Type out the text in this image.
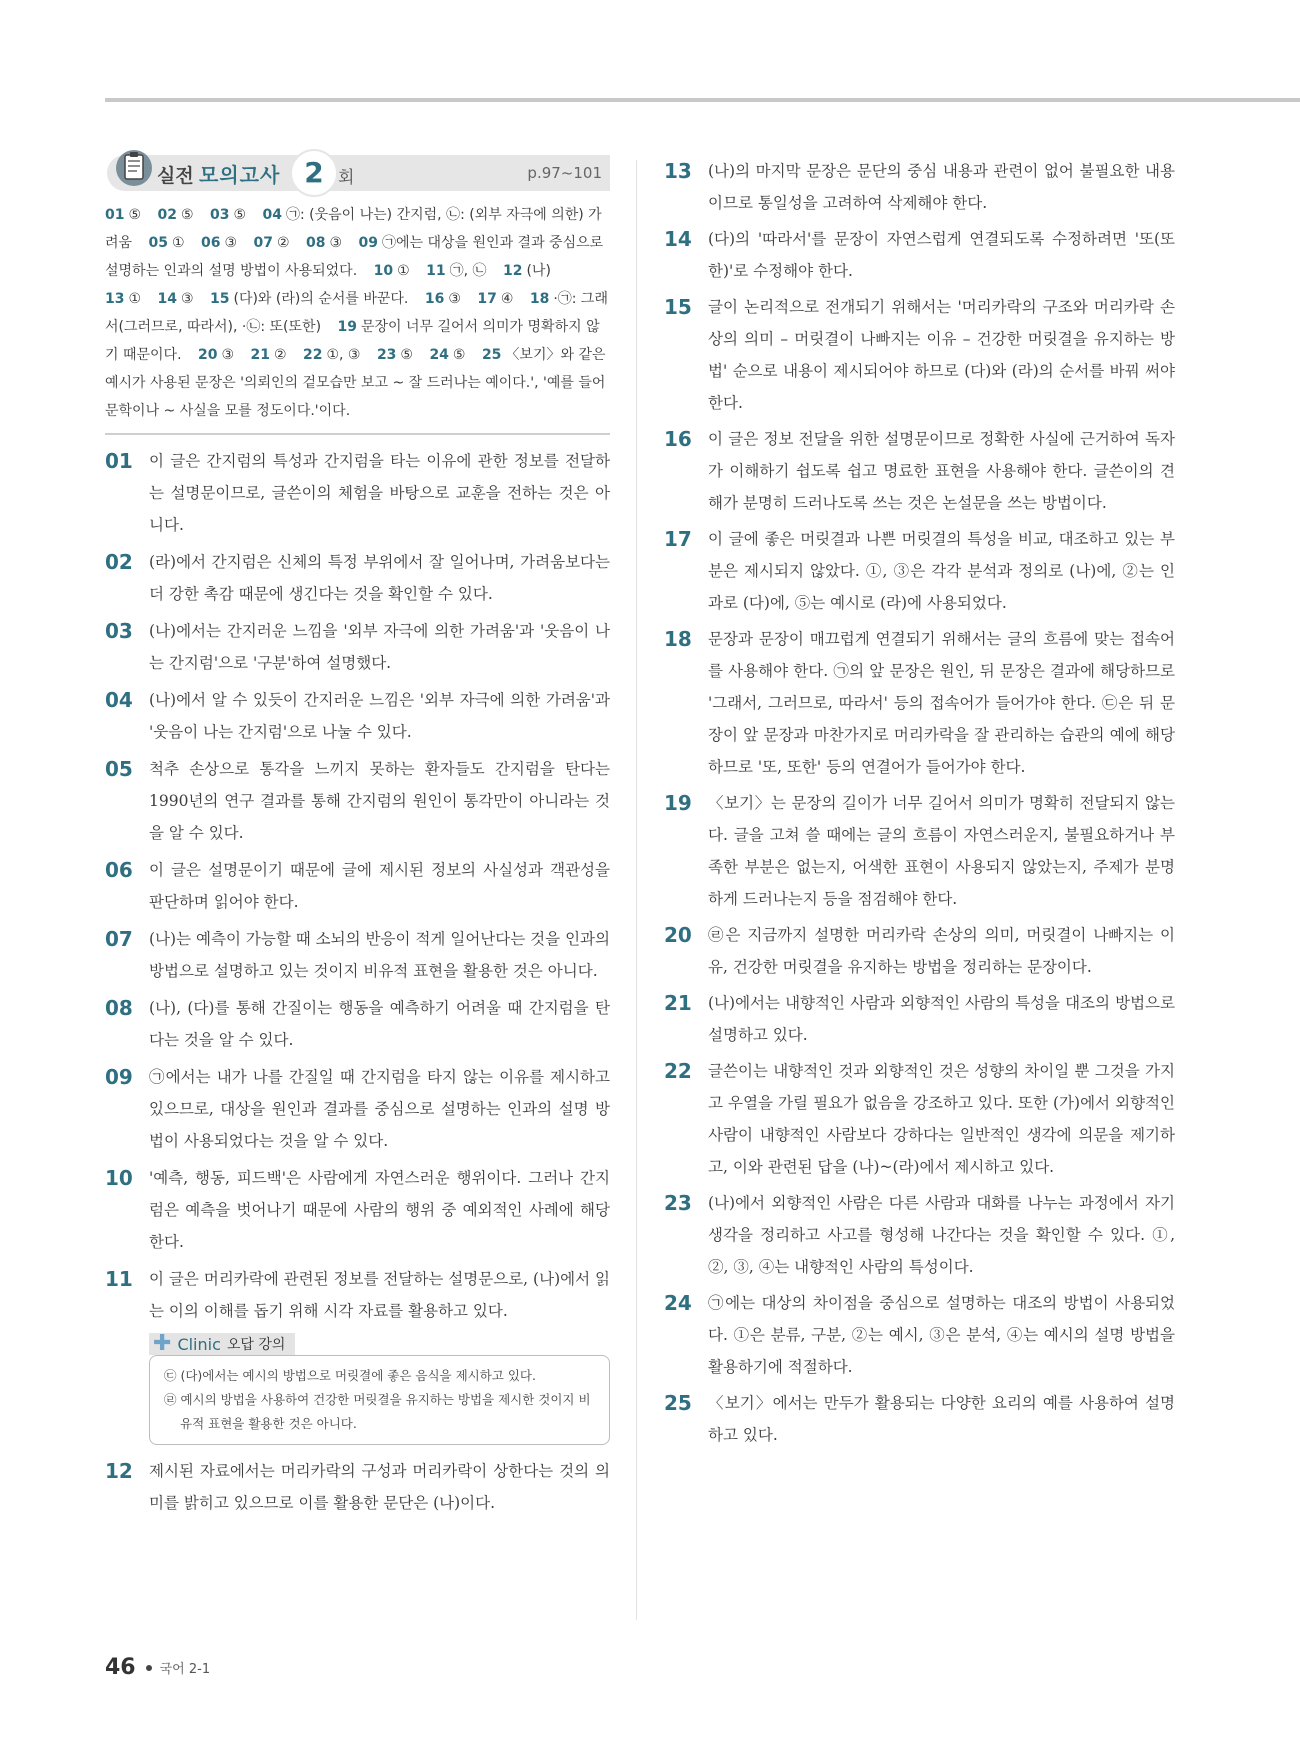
실전 모의고사 2 회	p.97~101
01 ⑤ 02 ⑤ 03 ⑤ 04 ㉠: (웃음이 나는) 간지럼, ㉡: (외부 자극에 의한) 가려움 05 ① 06 ③ 07 ② 08 ③ 09 ㉠에는 대상을 원인과 결과 중심으로 설명하는 인과의 설명 방법이 사용되었다. 10 ① 11 ㉠, ㉡ 12 (나) 13 ① 14 ③ 15 (다)와 (라)의 순서를 바꾼다. 16 ③ 17 ④ 18 ·㉠: 그래서(그러므로, 따라서), ·㉡: 또(또한) 19 문장이 너무 길어서 의미가 명확하지 않기 때문이다. 20 ③ 21 ② 22 ①, ③ 23 ⑤ 24 ⑤ 25 〈보기〉와 같은 예시가 사용된 문장은 '의뢰인의 겉모습만 보고 ~ 잘 드러나는 예이다.', '예를 들어 문학이나 ~ 사실을 모를 정도이다.'이다.
01	이 글은 간지럼의 특성과 간지럼을 타는 이유에 관한 정보를 전달하는 설명문이므로, 글쓴이의 체험을 바탕으로 교훈을 전하는 것은 아니다.
02	(라)에서 간지럼은 신체의 특정 부위에서 잘 일어나며, 가려움보다는 더 강한 촉감 때문에 생긴다는 것을 확인할 수 있다.
03	(나)에서는 간지러운 느낌을 '외부 자극에 의한 가려움'과 '웃음이 나는 간지럼'으로 '구분'하여 설명했다.
04	(나)에서 알 수 있듯이 간지러운 느낌은 '외부 자극에 의한 가려움'과 '웃음이 나는 간지럼'으로 나눌 수 있다.
05	척추 손상으로 통각을 느끼지 못하는 환자들도 간지럼을 탄다는 1990년의 연구 결과를 통해 간지럼의 원인이 통각만이 아니라는 것을 알 수 있다.
06	이 글은 설명문이기 때문에 글에 제시된 정보의 사실성과 객관성을 판단하며 읽어야 한다.
07	(나)는 예측이 가능할 때 소뇌의 반응이 적게 일어난다는 것을 인과의 방법으로 설명하고 있는 것이지 비유적 표현을 활용한 것은 아니다.
08	(나), (다)를 통해 간질이는 행동을 예측하기 어려울 때 간지럼을 탄다는 것을 알 수 있다.
09	㉠에서는 내가 나를 간질일 때 간지럼을 타지 않는 이유를 제시하고 있으므로, 대상을 원인과 결과를 중심으로 설명하는 인과의 설명 방법이 사용되었다는 것을 알 수 있다.
10	'예측, 행동, 피드백'은 사람에게 자연스러운 행위이다. 그러나 간지럼은 예측을 벗어나기 때문에 사람의 행위 중 예외적인 사례에 해당한다.
11	이 글은 머리카락에 관련된 정보를 전달하는 설명문으로, (나)에서 읽는 이의 이해를 돕기 위해 시각 자료를 활용하고 있다.
✚ Clinic 오답 강의
㉢ (다)에서는 예시의 방법으로 머릿결에 좋은 음식을 제시하고 있다.
㉣ 예시의 방법을 사용하여 건강한 머릿결을 유지하는 방법을 제시한 것이지 비유적 표현을 활용한 것은 아니다.
12	제시된 자료에서는 머리카락의 구성과 머리카락이 상한다는 것의 의미를 밝히고 있으므로 이를 활용한 문단은 (나)이다.
13	(나)의 마지막 문장은 문단의 중심 내용과 관련이 없어 불필요한 내용이므로 통일성을 고려하여 삭제해야 한다.
14	(다)의 '따라서'를 문장이 자연스럽게 연결되도록 수정하려면 '또(또한)'로 수정해야 한다.
15	글이 논리적으로 전개되기 위해서는 '머리카락의 구조와 머리카락 손상의 의미 – 머릿결이 나빠지는 이유 – 건강한 머릿결을 유지하는 방법' 순으로 내용이 제시되어야 하므로 (다)와 (라)의 순서를 바꿔 써야 한다.
16	이 글은 정보 전달을 위한 설명문이므로 정확한 사실에 근거하여 독자가 이해하기 쉽도록 쉽고 명료한 표현을 사용해야 한다. 글쓴이의 견해가 분명히 드러나도록 쓰는 것은 논설문을 쓰는 방법이다.
17	이 글에 좋은 머릿결과 나쁜 머릿결의 특성을 비교, 대조하고 있는 부분은 제시되지 않았다. ①, ③은 각각 분석과 정의로 (나)에, ②는 인과로 (다)에, ⑤는 예시로 (라)에 사용되었다.
18	문장과 문장이 매끄럽게 연결되기 위해서는 글의 흐름에 맞는 접속어를 사용해야 한다. ㉠의 앞 문장은 원인, 뒤 문장은 결과에 해당하므로 '그래서, 그러므로, 따라서' 등의 접속어가 들어가야 한다. ㉢은 뒤 문장이 앞 문장과 마찬가지로 머리카락을 잘 관리하는 습관의 예에 해당하므로 '또, 또한' 등의 연결어가 들어가야 한다.
19	〈보기〉는 문장의 길이가 너무 길어서 의미가 명확히 전달되지 않는다. 글을 고쳐 쓸 때에는 글의 흐름이 자연스러운지, 불필요하거나 부족한 부분은 없는지, 어색한 표현이 사용되지 않았는지, 주제가 분명하게 드러나는지 등을 점검해야 한다.
20	㉣은 지금까지 설명한 머리카락 손상의 의미, 머릿결이 나빠지는 이유, 건강한 머릿결을 유지하는 방법을 정리하는 문장이다.
21	(나)에서는 내향적인 사람과 외향적인 사람의 특성을 대조의 방법으로 설명하고 있다.
22	글쓴이는 내향적인 것과 외향적인 것은 성향의 차이일 뿐 그것을 가지고 우열을 가릴 필요가 없음을 강조하고 있다. 또한 (가)에서 외향적인 사람이 내향적인 사람보다 강하다는 일반적인 생각에 의문을 제기하고, 이와 관련된 답을 (나)~(라)에서 제시하고 있다.
23	(나)에서 외향적인 사람은 다른 사람과 대화를 나누는 과정에서 자기 생각을 정리하고 사고를 형성해 나간다는 것을 확인할 수 있다. ①, ②, ③, ④는 내향적인 사람의 특성이다.
24	㉠에는 대상의 차이점을 중심으로 설명하는 대조의 방법이 사용되었다. ①은 분류, 구분, ②는 예시, ③은 분석, ④는 예시의 설명 방법을 활용하기에 적절하다.
25	〈보기〉에서는 만두가 활용되는 다양한 요리의 예를 사용하여 설명하고 있다.
46 국어 2-1
